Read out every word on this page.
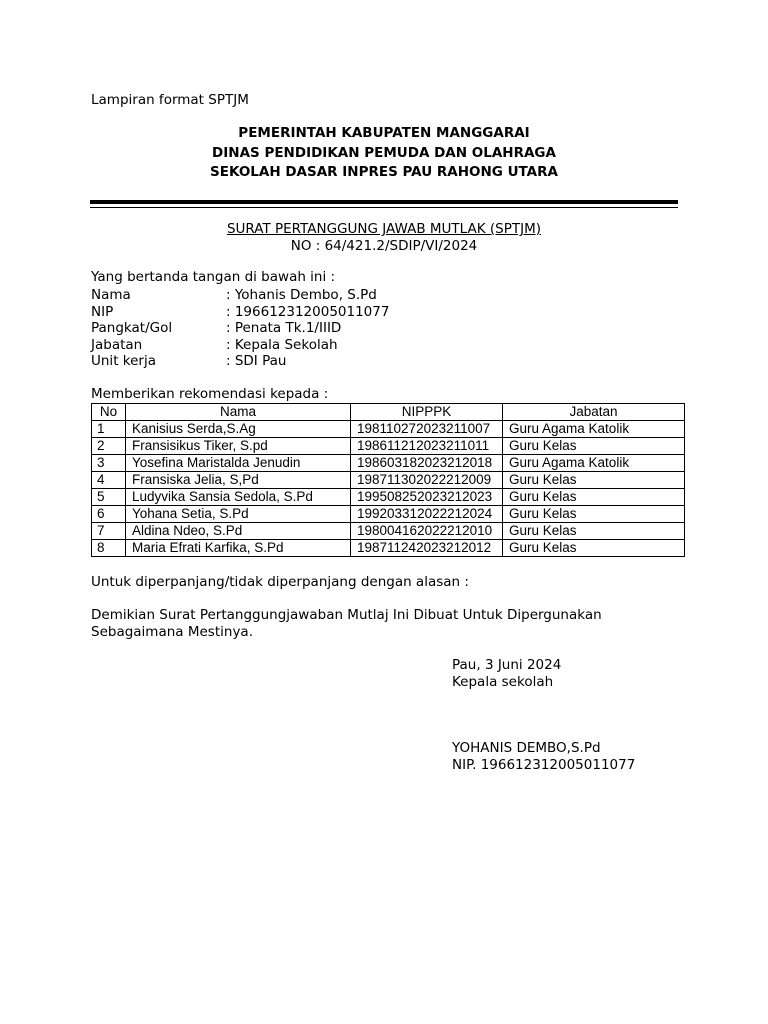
Lampiran format SPTJM
PEMERINTAH KABUPATEN MANGGARAI
DINAS PENDIDIKAN PEMUDA DAN OLAHRAGA
SEKOLAH DASAR INPRES PAU RAHONG UTARA
SURAT PERTANGGUNG JAWAB MUTLAK (SPTJM)
NO : 64/421.2/SDIP/VI/2024
Yang bertanda tangan di bawah ini :
Nama	: Yohanis Dembo, S.Pd
NIP	: 196612312005011077
Pangkat/Gol	: Penata Tk.1/IIID
Jabatan	: Kepala Sekolah
Unit kerja	: SDI Pau
Memberikan rekomendasi kepada :
No	Nama	NIPPPK	Jabatan
1	Kanisius Serda,S.Ag	198110272023211007	Guru Agama Katolik
2	Fransisikus Tiker, S.pd	198611212023211011	Guru Kelas
3	Yosefina Maristalda Jenudin	198603182023212018	Guru Agama Katolik
4	Fransiska Jelia, S,Pd	198711302022212009	Guru Kelas
5	Ludyvika Sansia Sedola, S.Pd	199508252023212023	Guru Kelas
6	Yohana Setia, S.Pd	199203312022212024	Guru Kelas
7	Aldina Ndeo, S.Pd	198004162022212010	Guru Kelas
8	Maria Efrati Karfika, S.Pd	198711242023212012	Guru Kelas
Untuk diperpanjang/tidak diperpanjang dengan alasan :
Demikian Surat Pertanggungjawaban Mutlaj Ini Dibuat Untuk Dipergunakan
Sebagaimana Mestinya.
Pau, 3 Juni 2024
Kepala sekolah
YOHANIS DEMBO,S.Pd
NIP. 196612312005011077
